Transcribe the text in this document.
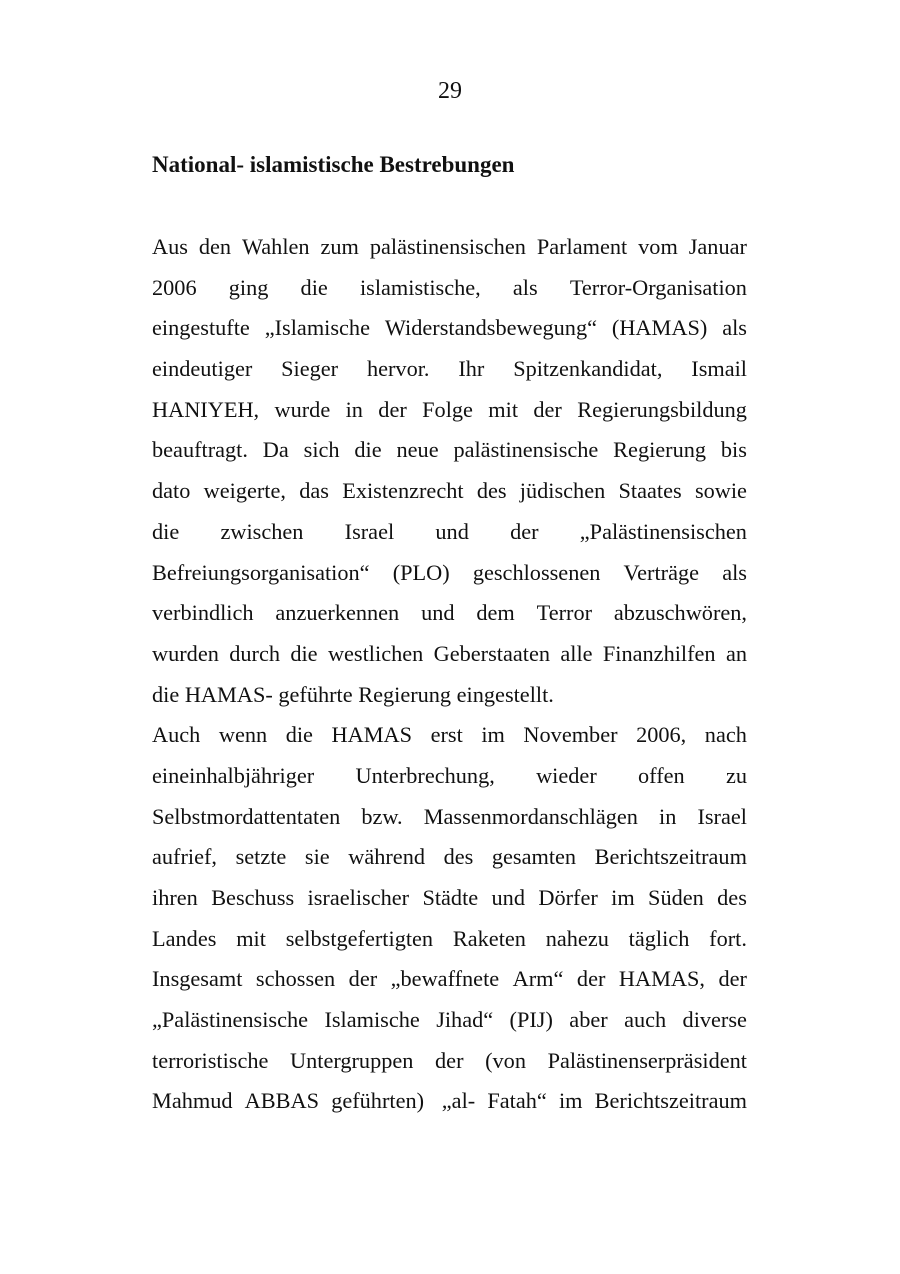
29
National- islamistische Bestrebungen
Aus den Wahlen zum palästinensischen Parlament vom Januar
2006 ging die islamistische, als Terror-Organisation
eingestufte „Islamische Widerstandsbewegung“ (HAMAS) als
eindeutiger Sieger hervor. Ihr Spitzenkandidat, Ismail
HANIYEH, wurde in der Folge mit der Regierungsbildung
beauftragt. Da sich die neue palästinensische Regierung bis
dato weigerte, das Existenzrecht des jüdischen Staates sowie
die zwischen Israel und der „Palästinensischen
Befreiungsorganisation“ (PLO) geschlossenen Verträge als
verbindlich anzuerkennen und dem Terror abzuschwören,
wurden durch die westlichen Geberstaaten alle Finanzhilfen an
die HAMAS- geführte Regierung eingestellt.
Auch wenn die HAMAS erst im November 2006, nach
eineinhalbjähriger Unterbrechung, wieder offen zu
Selbstmordattentaten bzw. Massenmordanschlägen in Israel
aufrief, setzte sie während des gesamten Berichtszeitraum
ihren Beschuss israelischer Städte und Dörfer im Süden des
Landes mit selbstgefertigten Raketen nahezu täglich fort.
Insgesamt schossen der „bewaffnete Arm“ der HAMAS, der
„Palästinensische Islamische Jihad“ (PIJ) aber auch diverse
terroristische Untergruppen der (von Palästinenserpräsident
Mahmud ABBAS geführten) „al- Fatah“ im Berichtszeitraum
